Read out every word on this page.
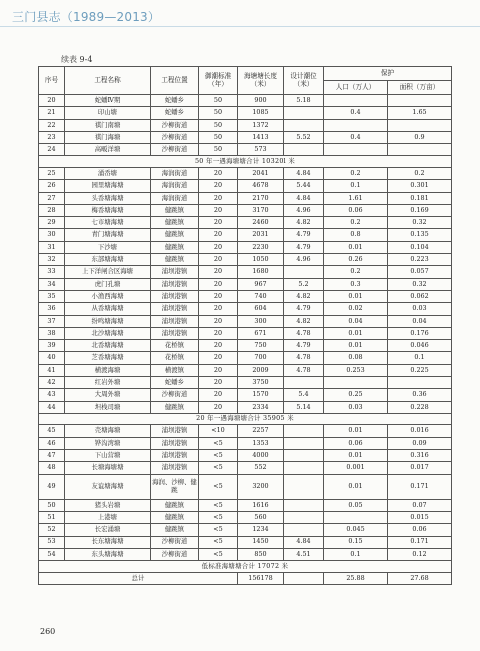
三门县志（1989—2013）
续表 9-4
序号	工程名称	工程位置	御潮标准（年）	海塘塘长度（米）	设计潮位（米）	保护	
						人口（万人）	面积（万亩）
20	蛇蟠Ⅳ期	蛇蟠乡	50	900	5.18		
21	印山塘	蛇蟠乡	50	1085		0.4	1.65
22	祺门南塘	沙柳街道	50	1372			
23	祺门海塘	沙柳街道	50	1413	5.52	0.4	0.9
24	高畈洋塘	沙柳街道	50	573			
50 年一遇海塘塘合计 10320l 米							
25	涌岙塘	海润街道	20	2041	4.84	0.2	0.2
26	园里塘海塘	海润街道	20	4678	5.44	0.1	0.301
27	头岙塘海塘	海润街道	20	2170	4.84	1.61	0.181
28	梅岙塘海塘	健跳镇	20	3170	4.96	0.06	0.169
29	七市塘海塘	健跳镇	20	2460	4.82	0.2	0.32
30	青门塘海塘	健跳镇	20	2031	4.79	0.8	0.135
31	下沙塘	健跳镇	20	2230	4.79	0.01	0.104
32	东部塘海塘	健跳镇	20	1050	4.96	0.26	0.223
33	上下洋闸合区海塘	浦坝港镇	20	1680		0.2	0.057
34	虎门孔塘	浦坝港镇	20	967	5.2	0.3	0.32
35	小渔西海塘	浦坝港镇	20	740	4.82	0.01	0.062
36	从岙塘海塘	浦坝港镇	20	604	4.79	0.02	0.03
37	纷鸣塘海塘	浦坝港镇	20	300	4.82	0.04	0.04
38	北沙塘海塘	浦坝港镇	20	671	4.78	0.01	0.176
39	北岙塘海塘	花桥镇	20	750	4.79	0.01	0.046
40	芝岙塘海塘	花桥镇	20	700	4.78	0.08	0.1
41	横渡海塘	横渡镇	20	2009	4.78	0.253	0.225
42	红岩外塘	蛇蟠乡	20	3750			
43	大周外塘	沙柳街道	20	1570	5.4	0.25	0.36
44	坦栈司塘	健跳镇	20	2334	5.14	0.03	0.228
20 年一遇海塘塘合计 35905 米							
45	壳塘海塘	浦坝港镇	<10	2257		0.01	0.016
46	铧沟湾塘	浦坝港镇	<5	1353		0.06	0.09
47	下山营塘	浦坝港镇	<5	4000		0.01	0.316
48	长塘海塘塘	浦坝港镇	<5	552		0.001	0.017
49	友谊塘海塘	海润、沙柳、健跳	<5	3200		0.01	0.171
50	猪头岩塘	健跳镇	<5	1616		0.05	0.07
51	上港塘	健跳镇	<5	560			0.015
52	长宏涌塘	健跳镇	<5	1234		0.045	0.06
53	长东塘海塘	沙柳街道	<5	1450	4.84	0.15	0.171
54	东头塘海塘	沙柳街道	<5	850	4.51	0.1	0.12
低标准海塘塘合计 17072 米							
总计				156178		25.88	27.68
260
